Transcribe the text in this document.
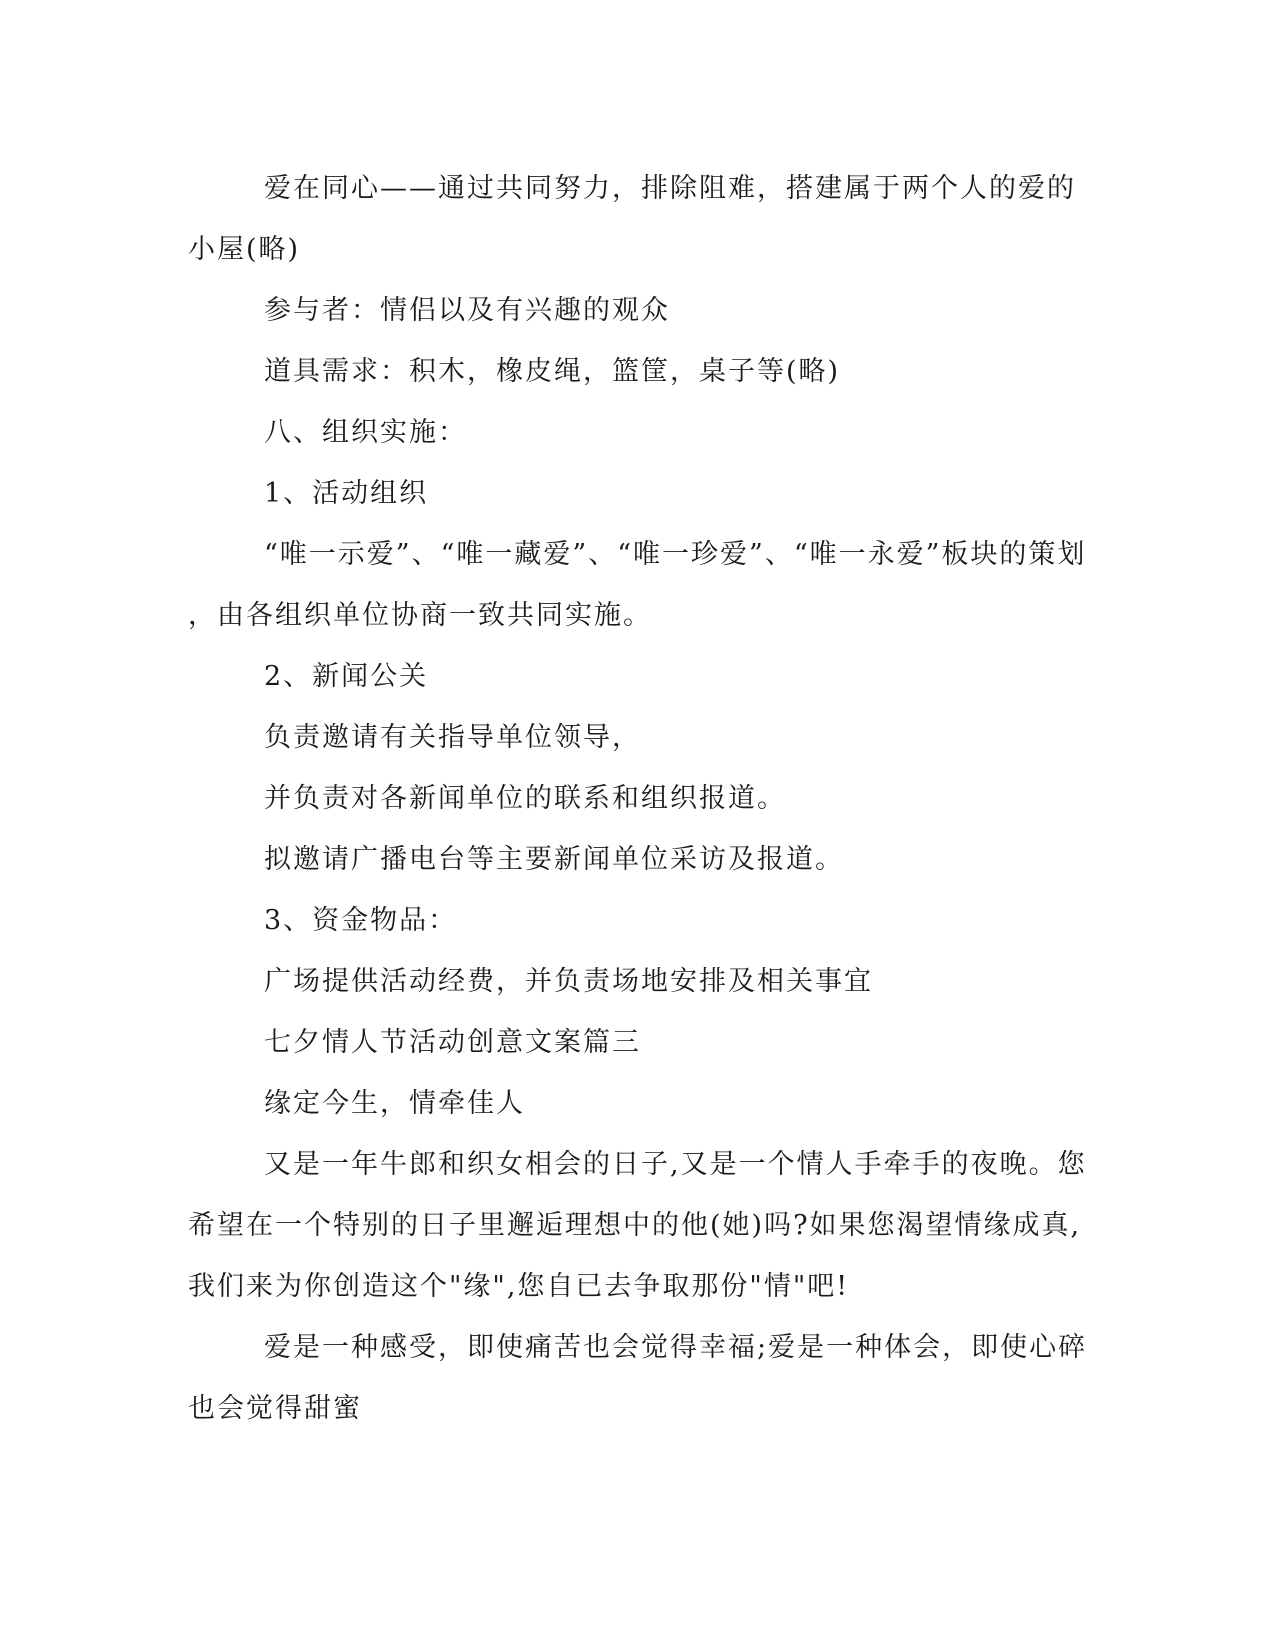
爱在同心——通过共同努力，排除阻难，搭建属于两个人的爱的
小屋(略)
参与者：情侣以及有兴趣的观众
道具需求：积木，橡皮绳，篮筐，桌子等(略)
八、组织实施：
1、活动组织
“唯一示爱”、“唯一藏爱”、“唯一珍爱”、“唯一永爱”板块的策划
，由各组织单位协商一致共同实施。
2、新闻公关
负责邀请有关指导单位领导，
并负责对各新闻单位的联系和组织报道。
拟邀请广播电台等主要新闻单位采访及报道。
3、资金物品：
广场提供活动经费，并负责场地安排及相关事宜
七夕情人节活动创意文案篇三
缘定今生，情牵佳人
又是一年牛郎和织女相会的日子,又是一个情人手牵手的夜晚。您
希望在一个特别的日子里邂逅理想中的他(她)吗?如果您渴望情缘成真,
我们来为你创造这个"缘",您自已去争取那份"情"吧!
爱是一种感受，即使痛苦也会觉得幸福;爱是一种体会，即使心碎
也会觉得甜蜜
